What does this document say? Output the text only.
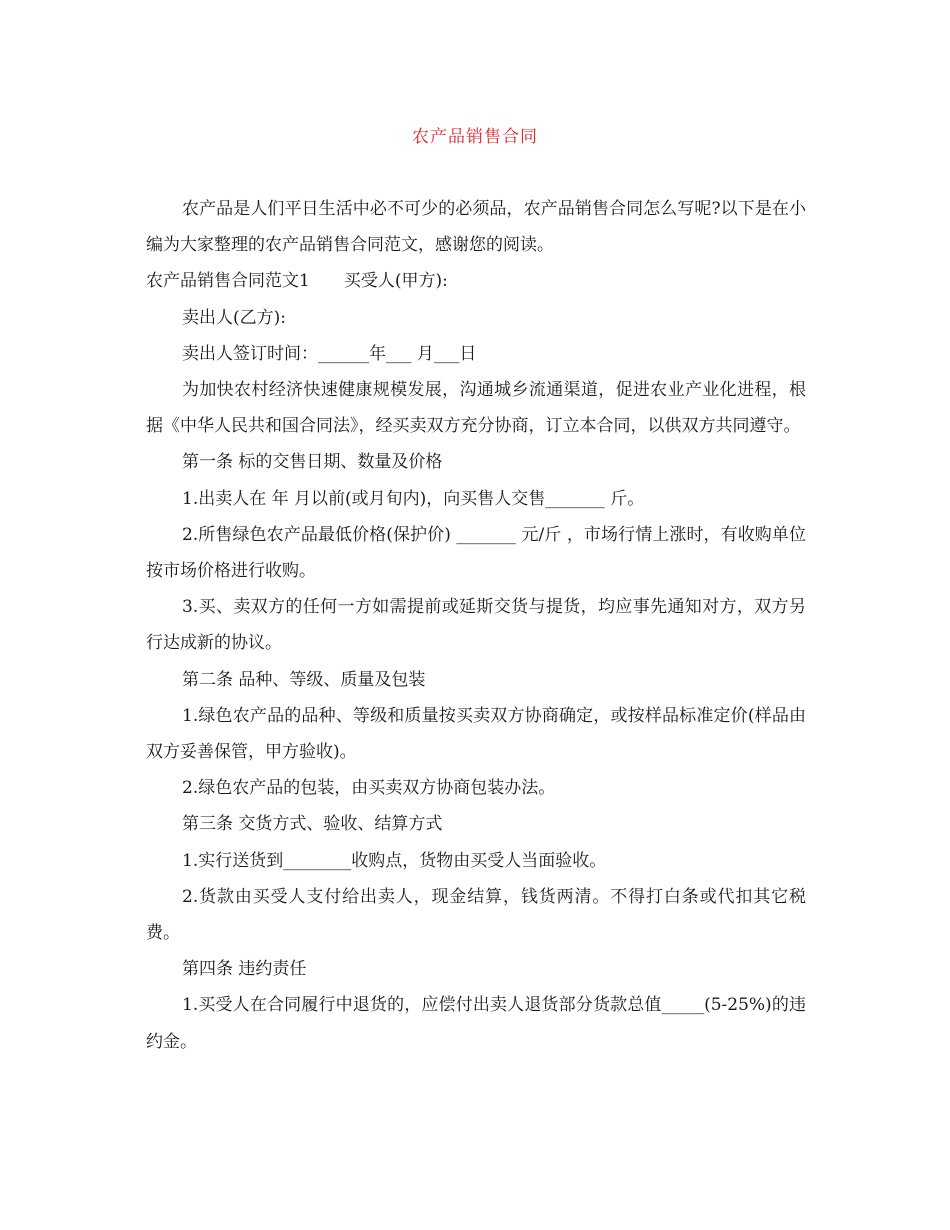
农产品销售合同

农产品是人们平日生活中必不可少的必须品，农产品销售合同怎么写呢?以下是在小编为大家整理的农产品销售合同范文，感谢您的阅读。

农产品销售合同范文1　　买受人(甲方):

卖出人(乙方):

卖出人签订时间：______年___ 月___日

为加快农村经济快速健康规模发展，沟通城乡流通渠道，促进农业产业化进程，根据《中华人民共和国合同法》，经买卖双方充分协商，订立本合同，以供双方共同遵守。

第一条 标的交售日期、数量及价格

1.出卖人在 年 月以前(或月旬内)，向买售人交售_______ 斤。

2.所售绿色农产品最低价格(保护价) _______ 元/斤 ，市场行情上涨时，有收购单位按市场价格进行收购。

3.买、卖双方的任何一方如需提前或延斯交货与提货，均应事先通知对方，双方另行达成新的协议。

第二条 品种、等级、质量及包装

1.绿色农产品的品种、等级和质量按买卖双方协商确定，或按样品标准定价(样品由双方妥善保管，甲方验收)。

2.绿色农产品的包装，由买卖双方协商包装办法。

第三条 交货方式、验收、结算方式

1.实行送货到________收购点，货物由买受人当面验收。

2.货款由买受人支付给出卖人，现金结算，钱货两清。不得打白条或代扣其它税费。

第四条 违约责任

1.买受人在合同履行中退货的，应偿付出卖人退货部分货款总值_____(5-25%)的违约金。
